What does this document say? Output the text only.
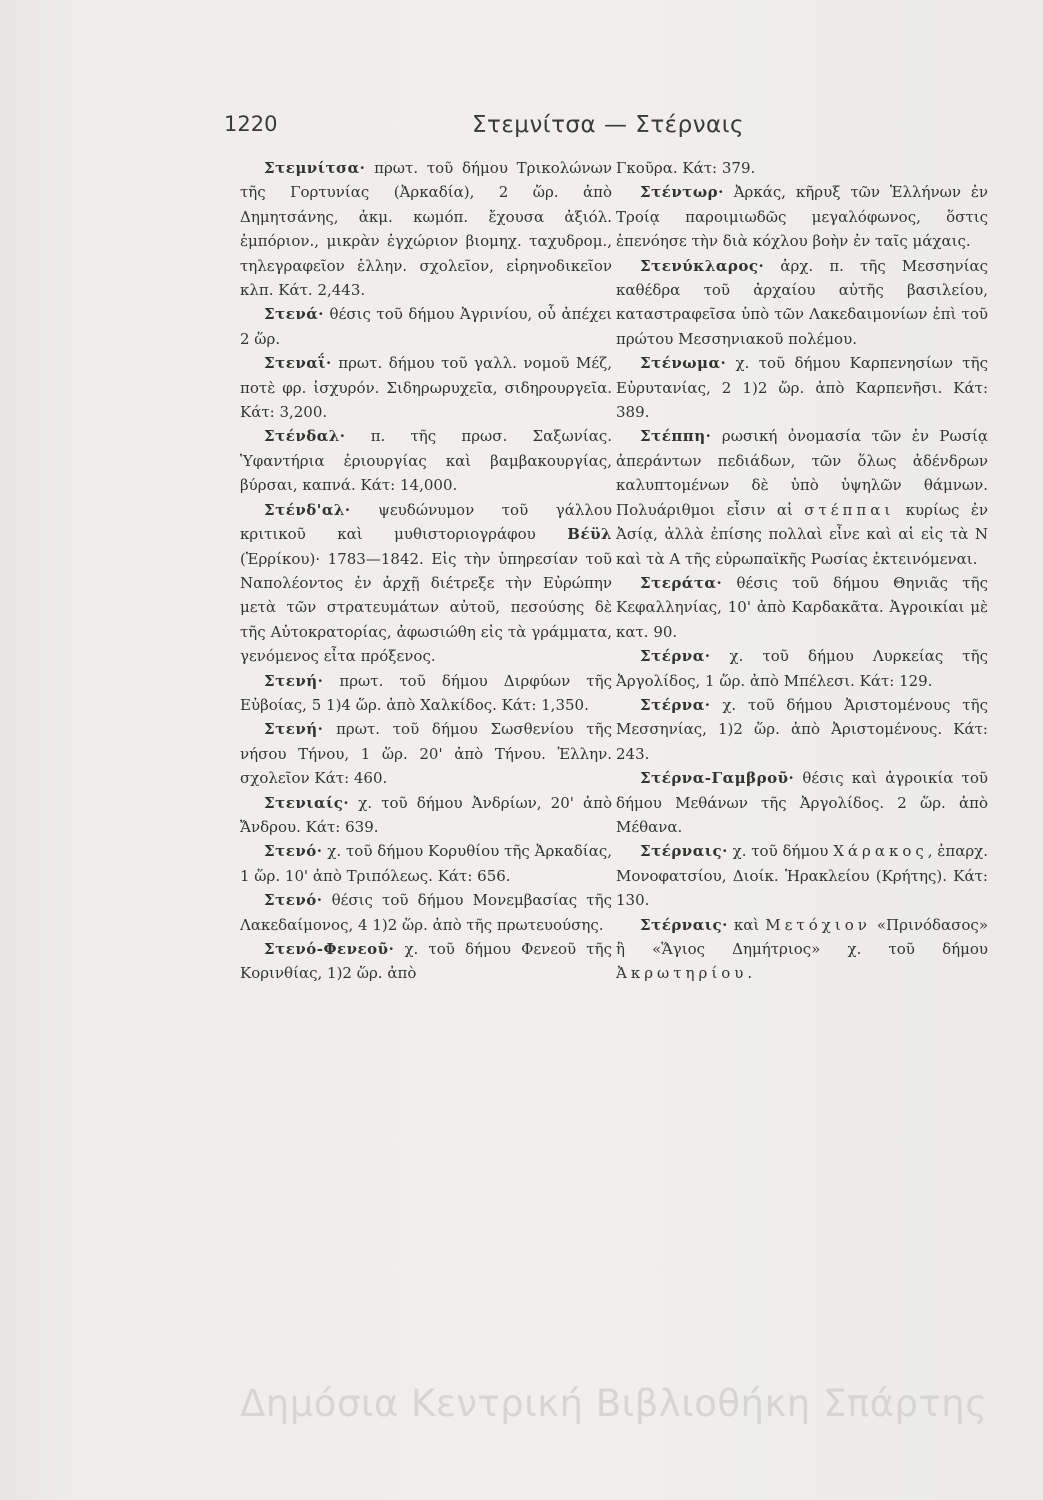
1220	Στεμνίτσα — Στέρναις

Στεμνίτσα· πρωτ. τοῦ δήμου Τρικολώνων τῆς Γορτυνίας (Ἀρκαδία), 2 ὥρ. ἀπὸ Δημητσάνης, ἀκμ. κωμόπ. ἔχουσα ἀξιόλ. ἐμπόριον., μικρὰν ἐγχώριον βιομηχ. ταχυδρομ., τηλεγραφεῖον ἑλλην. σχολεῖον, εἰρηνοδικεῖον κλπ. Κάτ. 2,443.

Στενά· θέσις τοῦ δήμου Ἀγρινίου, οὗ ἀπέχει 2 ὥρ.

Στεναΐ· πρωτ. δήμου τοῦ γαλλ. νομοῦ Μέζ, ποτὲ φρ. ἰσχυρόν. Σιδηρωρυχεῖα, σιδηρουργεῖα. Κάτ: 3,200.

Στένδαλ· π. τῆς πρωσ. Σαξωνίας. Ὑφαντήρια ἐριουργίας καὶ βαμβακουργίας, βύρσαι, καπνά. Κάτ: 14,000.

Στένδ'αλ· ψευδώνυμον τοῦ γάλλου κριτικοῦ καὶ μυθιστοριογράφου Βέϋλ (Ἑρρίκου)· 1783—1842. Εἰς τὴν ὑπηρεσίαν τοῦ Ναπολέοντος ἐν ἀρχῇ διέτρεξε τὴν Εὐρώπην μετὰ τῶν στρατευμάτων αὐτοῦ, πεσούσης δὲ τῆς Αὐτοκρατορίας, ἀφωσιώθη εἰς τὰ γράμματα, γενόμενος εἶτα πρόξενος.

Στενή· πρωτ. τοῦ δήμου Διρφύων τῆς Εὐβοίας, 5 1)4 ὥρ. ἀπὸ Χαλκίδος. Κάτ: 1,350.

Στενή· πρωτ. τοῦ δήμου Σωσθενίου τῆς νήσου Τήνου, 1 ὥρ. 20' ἀπὸ Τήνου. Ἑλλην. σχολεῖον Κάτ: 460.

Στενιαίς· χ. τοῦ δήμου Ἀνδρίων, 20' ἀπὸ Ἄνδρου. Κάτ: 639.

Στενό· χ. τοῦ δήμου Κορυθίου τῆς Ἀρκαδίας, 1 ὥρ. 10' ἀπὸ Τριπόλεως. Κάτ: 656.

Στενό· θέσις τοῦ δήμου Μονεμβασίας τῆς Λακεδαίμονος, 4 1)2 ὥρ. ἀπὸ τῆς πρωτευούσης.

Στενό-Φενεοῦ· χ. τοῦ δήμου Φενεοῦ τῆς Κορινθίας, 1)2 ὥρ. ἀπὸ

Γκοῦρα. Κάτ: 379.

Στέντωρ· Ἀρκάς, κῆρυξ τῶν Ἑλλήνων ἐν Τροίᾳ παροιμιωδῶς μεγαλόφωνος, ὅστις ἐπενόησε τὴν διὰ κόχλου βοὴν ἐν ταῖς μάχαις.

Στενύκλαρος· ἀρχ. π. τῆς Μεσσηνίας καθέδρα τοῦ ἀρχαίου αὐτῆς βασιλείου, καταστραφεῖσα ὑπὸ τῶν Λακεδαιμονίων ἐπὶ τοῦ πρώτου Μεσσηνιακοῦ πολέμου.

Στένωμα· χ. τοῦ δήμου Καρπενησίων τῆς Εὐρυτανίας, 2 1)2 ὥρ. ἀπὸ Καρπενῆσι. Κάτ: 389.

Στέππη· ρωσική ὀνομασία τῶν ἐν Ρωσίᾳ ἀπεράντων πεδιάδων, τῶν ὅλως ἀδένδρων καλυπτομένων δὲ ὑπὸ ὑψηλῶν θάμνων. Πολυάριθμοι εἶσιν αἱ στέππαι κυρίως ἐν Ἀσίᾳ, ἀλλὰ ἐπίσης πολλαὶ εἶνε καὶ αἱ εἰς τὰ Ν καὶ τὰ Α τῆς εὐρωπαϊκῆς Ρωσίας ἐκτεινόμεναι.

Στεράτα· θέσις τοῦ δήμου Θηνιᾶς τῆς Κεφαλληνίας, 10' ἀπὸ Καρδακᾶτα. Ἀγροικίαι μὲ κατ. 90.

Στέρνα· χ. τοῦ δήμου Λυρκείας τῆς Ἀργολίδος, 1 ὥρ. ἀπὸ Μπέλεσι. Κάτ: 129.

Στέρνα· χ. τοῦ δήμου Ἀριστομένους τῆς Μεσσηνίας, 1)2 ὥρ. ἀπὸ Ἀριστομένους. Κάτ: 243.

Στέρνα-Γαμβροῦ· θέσις καὶ ἀγροικία τοῦ δήμου Μεθάνων τῆς Ἀργολίδος. 2 ὥρ. ἀπὸ Μέθανα.

Στέρναις· χ. τοῦ δήμου Χάρακος, ἐπαρχ. Μονοφατσίου, Διοίκ. Ἡρακλείου (Κρήτης). Κάτ: 130.

Στέρναις· καὶ Μετόχιον «Πρινόδασος» ἢ «Ἅγιος Δημήτριος» χ. τοῦ δήμου Ἀκρωτηρίου.

Δημόσια Κεντρική Βιβλιοθήκη Σπάρτης
